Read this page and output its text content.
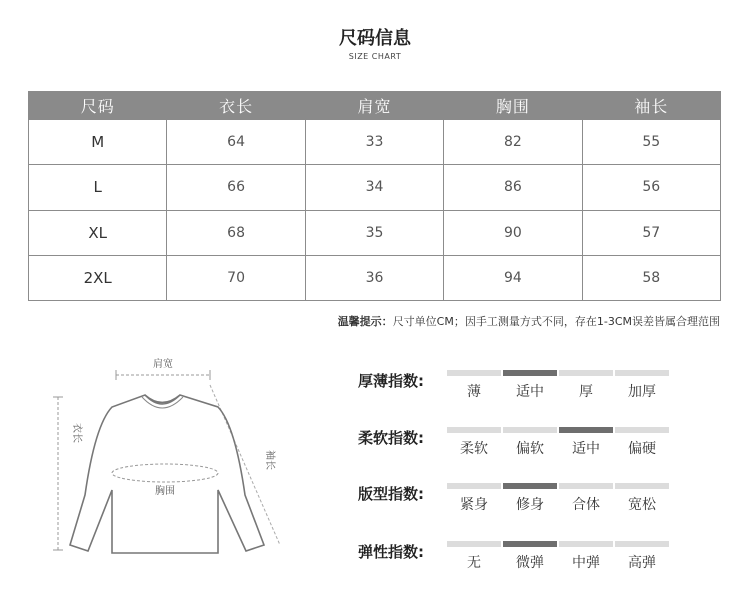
尺码信息
SIZE CHART
尺码	衣长	肩宽	胸围	袖长
M	64	33	82	55
L	66	34	86	56
XL	68	35	90	57
2XL	70	36	94	58
温馨提示：尺寸单位CM；因手工测量方式不同，存在1-3CM误差皆属合理范围
肩宽
衣长
胸围
袖长
厚薄指数:
薄	适中	厚	加厚
柔软指数:
柔软	偏软	适中	偏硬
版型指数:
紧身	修身	合体	宽松
弹性指数:
无	微弹	中弹	高弹
